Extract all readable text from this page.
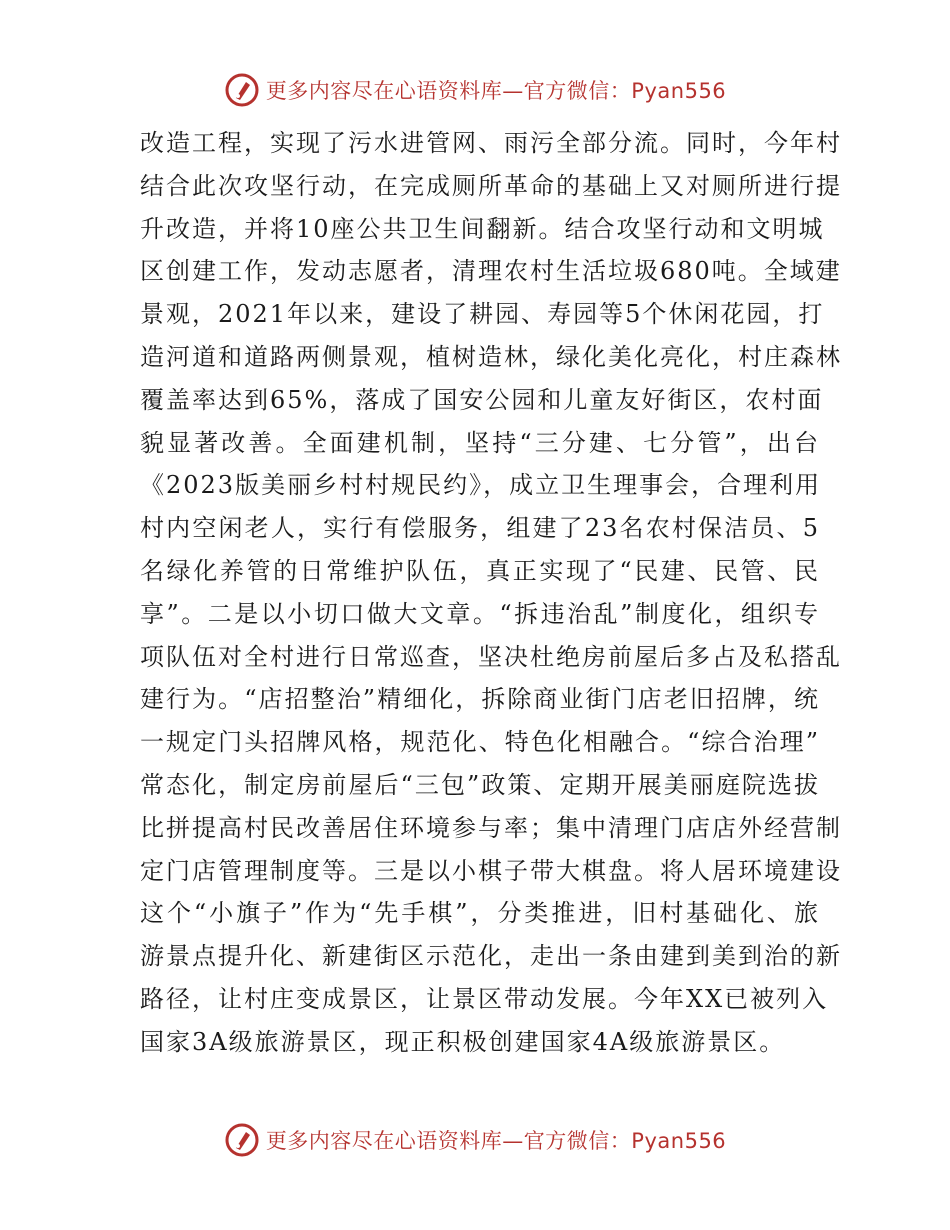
更多内容尽在心语资料库—官方微信：Pyan556
改造工程，实现了污水进管网、雨污全部分流。同时，今年村
结合此次攻坚行动，在完成厕所革命的基础上又对厕所进行提
升改造，并将10座公共卫生间翻新。结合攻坚行动和文明城
区创建工作，发动志愿者，清理农村生活垃圾680吨。全域建
景观，2021年以来，建设了耕园、寿园等5个休闲花园，打
造河道和道路两侧景观，植树造林，绿化美化亮化，村庄森林
覆盖率达到65%，落成了国安公园和儿童友好街区，农村面
貌显著改善。全面建机制，坚持“三分建、七分管”，出台
《2023版美丽乡村村规民约》，成立卫生理事会，合理利用
村内空闲老人，实行有偿服务，组建了23名农村保洁员、5
名绿化养管的日常维护队伍，真正实现了“民建、民管、民
享”。二是以小切口做大文章。“拆违治乱”制度化，组织专
项队伍对全村进行日常巡查，坚决杜绝房前屋后多占及私搭乱
建行为。“店招整治”精细化，拆除商业街门店老旧招牌，统
一规定门头招牌风格，规范化、特色化相融合。“综合治理”
常态化，制定房前屋后“三包”政策、定期开展美丽庭院选拔
比拼提高村民改善居住环境参与率；集中清理门店店外经营制
定门店管理制度等。三是以小棋子带大棋盘。将人居环境建设
这个“小旗子”作为“先手棋”，分类推进，旧村基础化、旅
游景点提升化、新建街区示范化，走出一条由建到美到治的新
路径，让村庄变成景区，让景区带动发展。今年XX已被列入
国家3A级旅游景区，现正积极创建国家4A级旅游景区。
更多内容尽在心语资料库—官方微信：Pyan556
